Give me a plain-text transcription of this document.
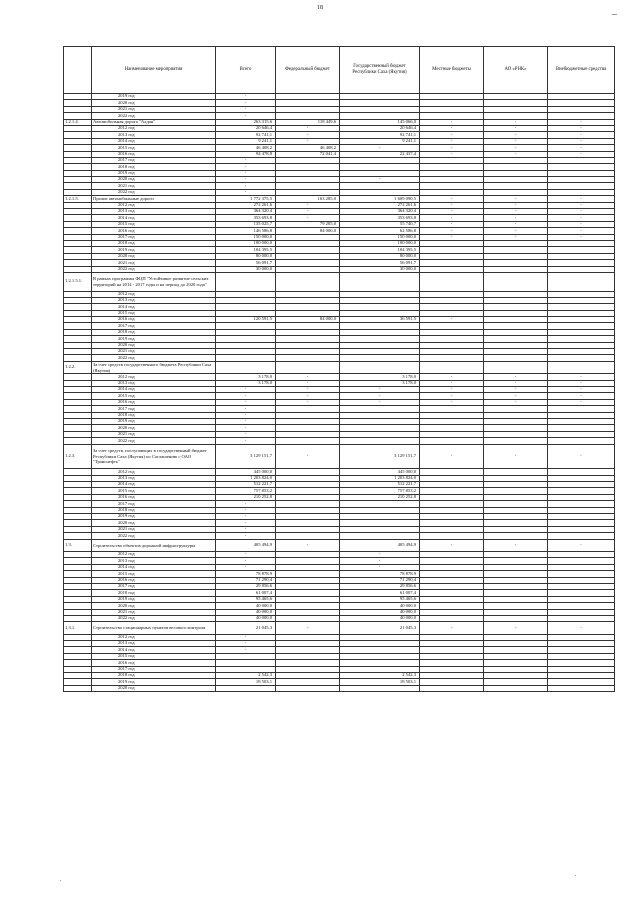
18
	Наименование мероприятия	Всего	Федеральный бюджет	Государственный бюджет Республики Саха (Якутия)	Местные бюджеты	АО «РНК»	Внебюджетные средства
	2019 год	-					
	2020 год	-					
	2021 год	-					
	2022 год	-					
1.2.1.4.	Автомобильная дорога "Алдан"	263 315,6	118 449,6	145 066,0	-	-	-
	2012 год	20 646,4	-	20 646,4	-	-	-
	2013 год	92 741,1	-	92 741,1	-	-	-
	2014 год	9 241,1	-	9 241,1	-	-	-
	2015 год	46 408,2	46 408,2	-	-	-	-
	2016 год	94 478,8	72 041,4	22 437,4	-	-	-
	2017 год	-					
	2018 год	-					
	2019 год	-					
	2020 год	-		-			
	2021 год	-					
	2022 год	-					
1.2.1.5.	Прочие автомобильные дороги	1 772 375,5	163 285,0	1 609 090,5	-	-	-
	2012 год	272 261,6	-	272 261,6	-	-	-
	2013 год	364 320,4	-	364 320,4	-	-	-
	2014 год	353 693,8	-	353 693,8	-	-	-
	2015 год	135 025,7	79 285,0	55 740,7	-	-	-
	2016 год	146 586,8	84 000,0	62 586,8	-	-	-
	2017 год	150 000,0		150 000,0	-	-	-
	2018 год	100 000,0		100 000,0			
	2019 год	104 395,5		104 395,5			
	2020 год	80 000,0		80 000,0			
	2021 год	56 091,7		56 091,7			
	2022 год	30 000,0		30 000,0			
1.2.1.5.1.	В рамках программы ФЦП "Устойчивое развитие сельских территорий на 2014 - 2017 годы и на период до 2020 года"						
	2012 год						
	2013 год						
	2014 год						
	2015 год						
	2016 год	120 591,5	84 000,0	36 591,5	-		
	2017 год						
	2018 год						
	2019 год						
	2020 год						
	2021 год						
	2022 год						
1.2.2.	За счет средств государственного бюджета Республики Саха (Якутия)						
	2012 год	3 178,0	-	3 178,0	-	-	-
	2013 год	3 178,0	-	3 178,0	-	-	-
	2014 год	-	-	-	-	-	-
	2015 год	-	-	-	-	-	-
	2016 год	-	-	-	-	-	-
	2017 год	-					
	2018 год	-					
	2019 год	-					
	2020 год	-					
	2021 год	-					
	2022 год	-					
1.2.3.	За счет средств, поступающих в государственный бюджет Республики Саха (Якутия) по Соглашению с ОАО "Транснефть"	3 129 151,7	-	3 129 151,7	-	-	-
	2012 год	445 000,0		445 000,0			
	2013 год	1 203 824,0		1 203 824,0			
	2014 год	512 221,7		512 221,7			
	2015 год	757 853,2		757 853,2			
	2016 год	210 252,8		210 252,8			
	2017 год	-					
	2018 год	-					
	2019 год	-					
	2020 год	-					
	2021 год	-					
	2022 год	-					
1.3.	Строительство объектов дорожной инфраструктуры	405 494,9	-	405 494,9	-	-	-
	2012 год	-		-			
	2013 год	-		-			
	2014 год	-		-			
	2015 год	78 878,9		78 878,9			
	2016 год	71 290,4		71 290,4			
	2017 год	29 856,6		29 856,6			
	2018 год	61 007,4		61 007,4			
	2019 год	95 465,6		95 465,6			
	2020 год	40 000,0		40 000,0			
	2021 год	40 000,0		40 000,0			
	2022 год	40 000,0		40 000,0			
1.3.1.	Строительство стационарных пунктов весового контроля	21 045,3	-	21 045,3	-	-	-
	2012 год	-					
	2013 год	-					
	2014 год	-					
	2015 год						
	2016 год						
	2017 год						
	2018 год	2 542,3		2 542,3			
	2019 год	18 503,1		18 503,1			
	2020 год						
